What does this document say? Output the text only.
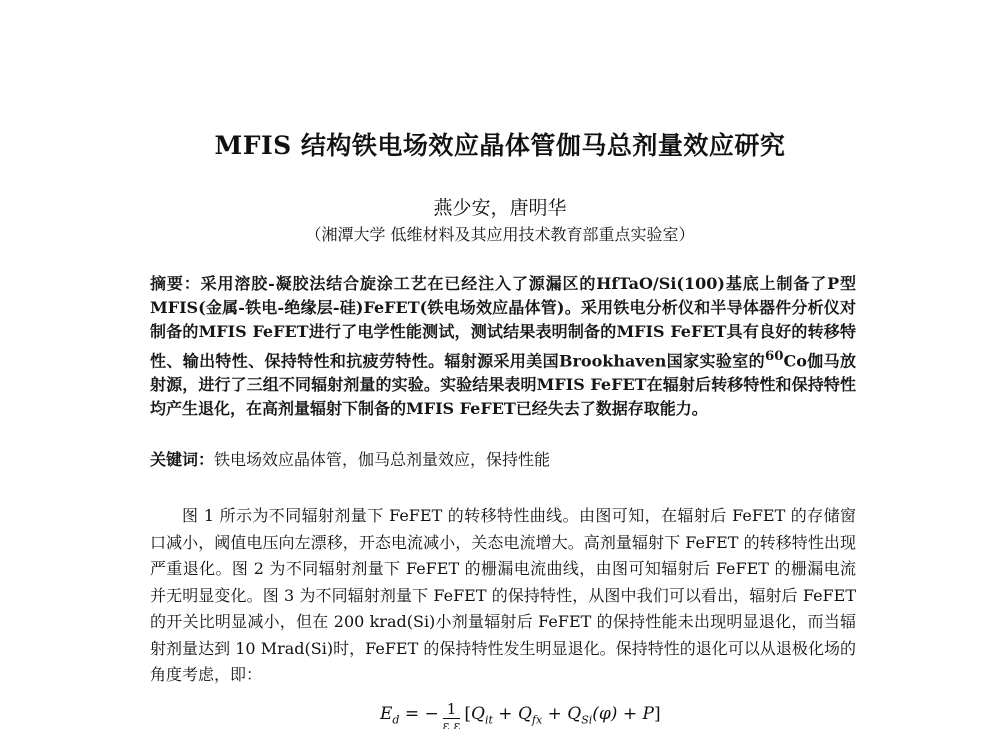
MFIS 结构铁电场效应晶体管伽马总剂量效应研究
燕少安，唐明华
（湘潭大学 低维材料及其应用技术教育部重点实验室）
摘要：采用溶胶-凝胶法结合旋涂工艺在已经注入了源漏区的HfTaO/Si(100)基底上制备了P型MFIS(金属-铁电-绝缘层-硅)FeFET(铁电场效应晶体管)。采用铁电分析仪和半导体器件分析仪对制备的MFIS FeFET进行了电学性能测试，测试结果表明制备的MFIS FeFET具有良好的转移特性、输出特性、保持特性和抗疲劳特性。辐射源采用美国Brookhaven国家实验室的$^{60}$Co伽马放射源，进行了三组不同辐射剂量的实验。实验结果表明MFIS FeFET在辐射后转移特性和保持特性均产生退化，在高剂量辐射下制备的MFIS FeFET已经失去了数据存取能力。
关键词：铁电场效应晶体管，伽马总剂量效应，保持性能
图 1 所示为不同辐射剂量下 FeFET 的转移特性曲线。由图可知，在辐射后 FeFET 的存储窗口减小，阈值电压向左漂移，开态电流减小，关态电流增大。高剂量辐射下 FeFET 的转移特性出现严重退化。图 2 为不同辐射剂量下 FeFET 的栅漏电流曲线，由图可知辐射后 FeFET 的栅漏电流并无明显变化。图 3 为不同辐射剂量下 FeFET 的保持特性，从图中我们可以看出，辐射后 FeFET 的开关比明显减小，但在 200 krad(Si)小剂量辐射后 FeFET 的保持性能未出现明显退化，而当辐射剂量达到 10 Mrad(Si)时，FeFET 的保持特性发生明显退化。保持特性的退化可以从退极化场的角度考虑，即：
$E_d$ = − $\frac{1}{\text{ε ε}} [Q_{it} + Q_{fx} + Q_{Si}(\varphi) + P]$
